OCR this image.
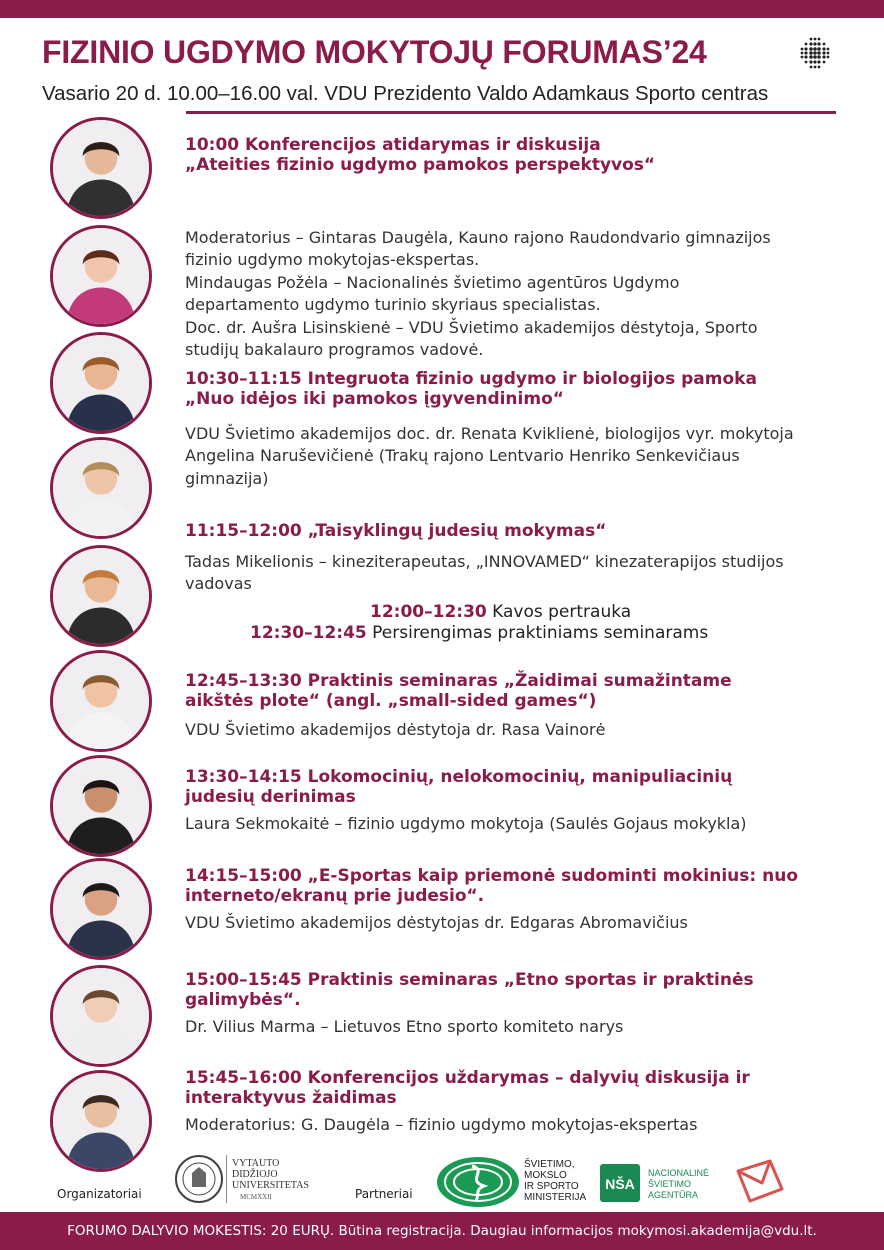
FIZINIO UGDYMO MOKYTOJŲ FORUMAS’24
Vasario 20 d. 10.00–16.00 val. VDU Prezidento Valdo Adamkaus Sporto centras
10:00 Konferencijos atidarymas ir diskusija
„Ateities fizinio ugdymo pamokos perspektyvos“
Moderatorius – Gintaras Daugėla, Kauno rajono Raudondvario gimnazijos
fizinio ugdymo mokytojas-ekspertas.
Mindaugas Požėla – Nacionalinės švietimo agentūros Ugdymo
departamento ugdymo turinio skyriaus specialistas.
Doc. dr. Aušra Lisinskienė – VDU Švietimo akademijos dėstytoja, Sporto
studijų bakalauro programos vadovė.
10:30–11:15 Integruota fizinio ugdymo ir biologijos pamoka
„Nuo idėjos iki pamokos įgyvendinimo“
VDU Švietimo akademijos doc. dr. Renata Kviklienė, biologijos vyr. mokytoja
Angelina Naruševičienė (Trakų rajono Lentvario Henriko Senkevičiaus
gimnazija)
11:15–12:00 „Taisyklingų judesių mokymas“
Tadas Mikelionis – kineziterapeutas, „INNOVAMED“ kinezaterapijos studijos
vadovas
12:45–13:30 Praktinis seminaras „Žaidimai sumažintame
aikštės plote“ (angl. „small-sided games“)
VDU Švietimo akademijos dėstytoja dr. Rasa Vainorė
13:30–14:15 Lokomocinių, nelokomocinių, manipuliacinių
judesių derinimas
Laura Sekmokaitė – fizinio ugdymo mokytoja (Saulės Gojaus mokykla)
14:15–15:00 „E-Sportas kaip priemonė sudominti mokinius: nuo
interneto/ekranų prie judesio“.
VDU Švietimo akademijos dėstytojas dr. Edgaras Abromavičius
15:00–15:45 Praktinis seminaras „Etno sportas ir praktinės
galimybės“.
Dr. Vilius Marma – Lietuvos Etno sporto komiteto narys
15:45–16:00 Konferencijos uždarymas – dalyvių diskusija ir
interaktyvus žaidimas
Moderatorius: G. Daugėla – fizinio ugdymo mokytojas-ekspertas
12:00–12:30 Kavos pertrauka
12:30–12:45 Persirengimas praktiniams seminarams
Organizatoriai
VYTAUTO
DIDŽIOJO
UNIVERSITETAS
MCMXXII	Partneriai
ŠVIETIMO,
MOKSLO
IR SPORTO
MINISTERIJA
NŠA
NACIONALINĖ
ŠVIETIMO
AGENTŪRA
FORUMO DALYVIO MOKESTIS: 20 EURŲ. Būtina registracija. Daugiau informacijos mokymosi.akademija@vdu.lt.
